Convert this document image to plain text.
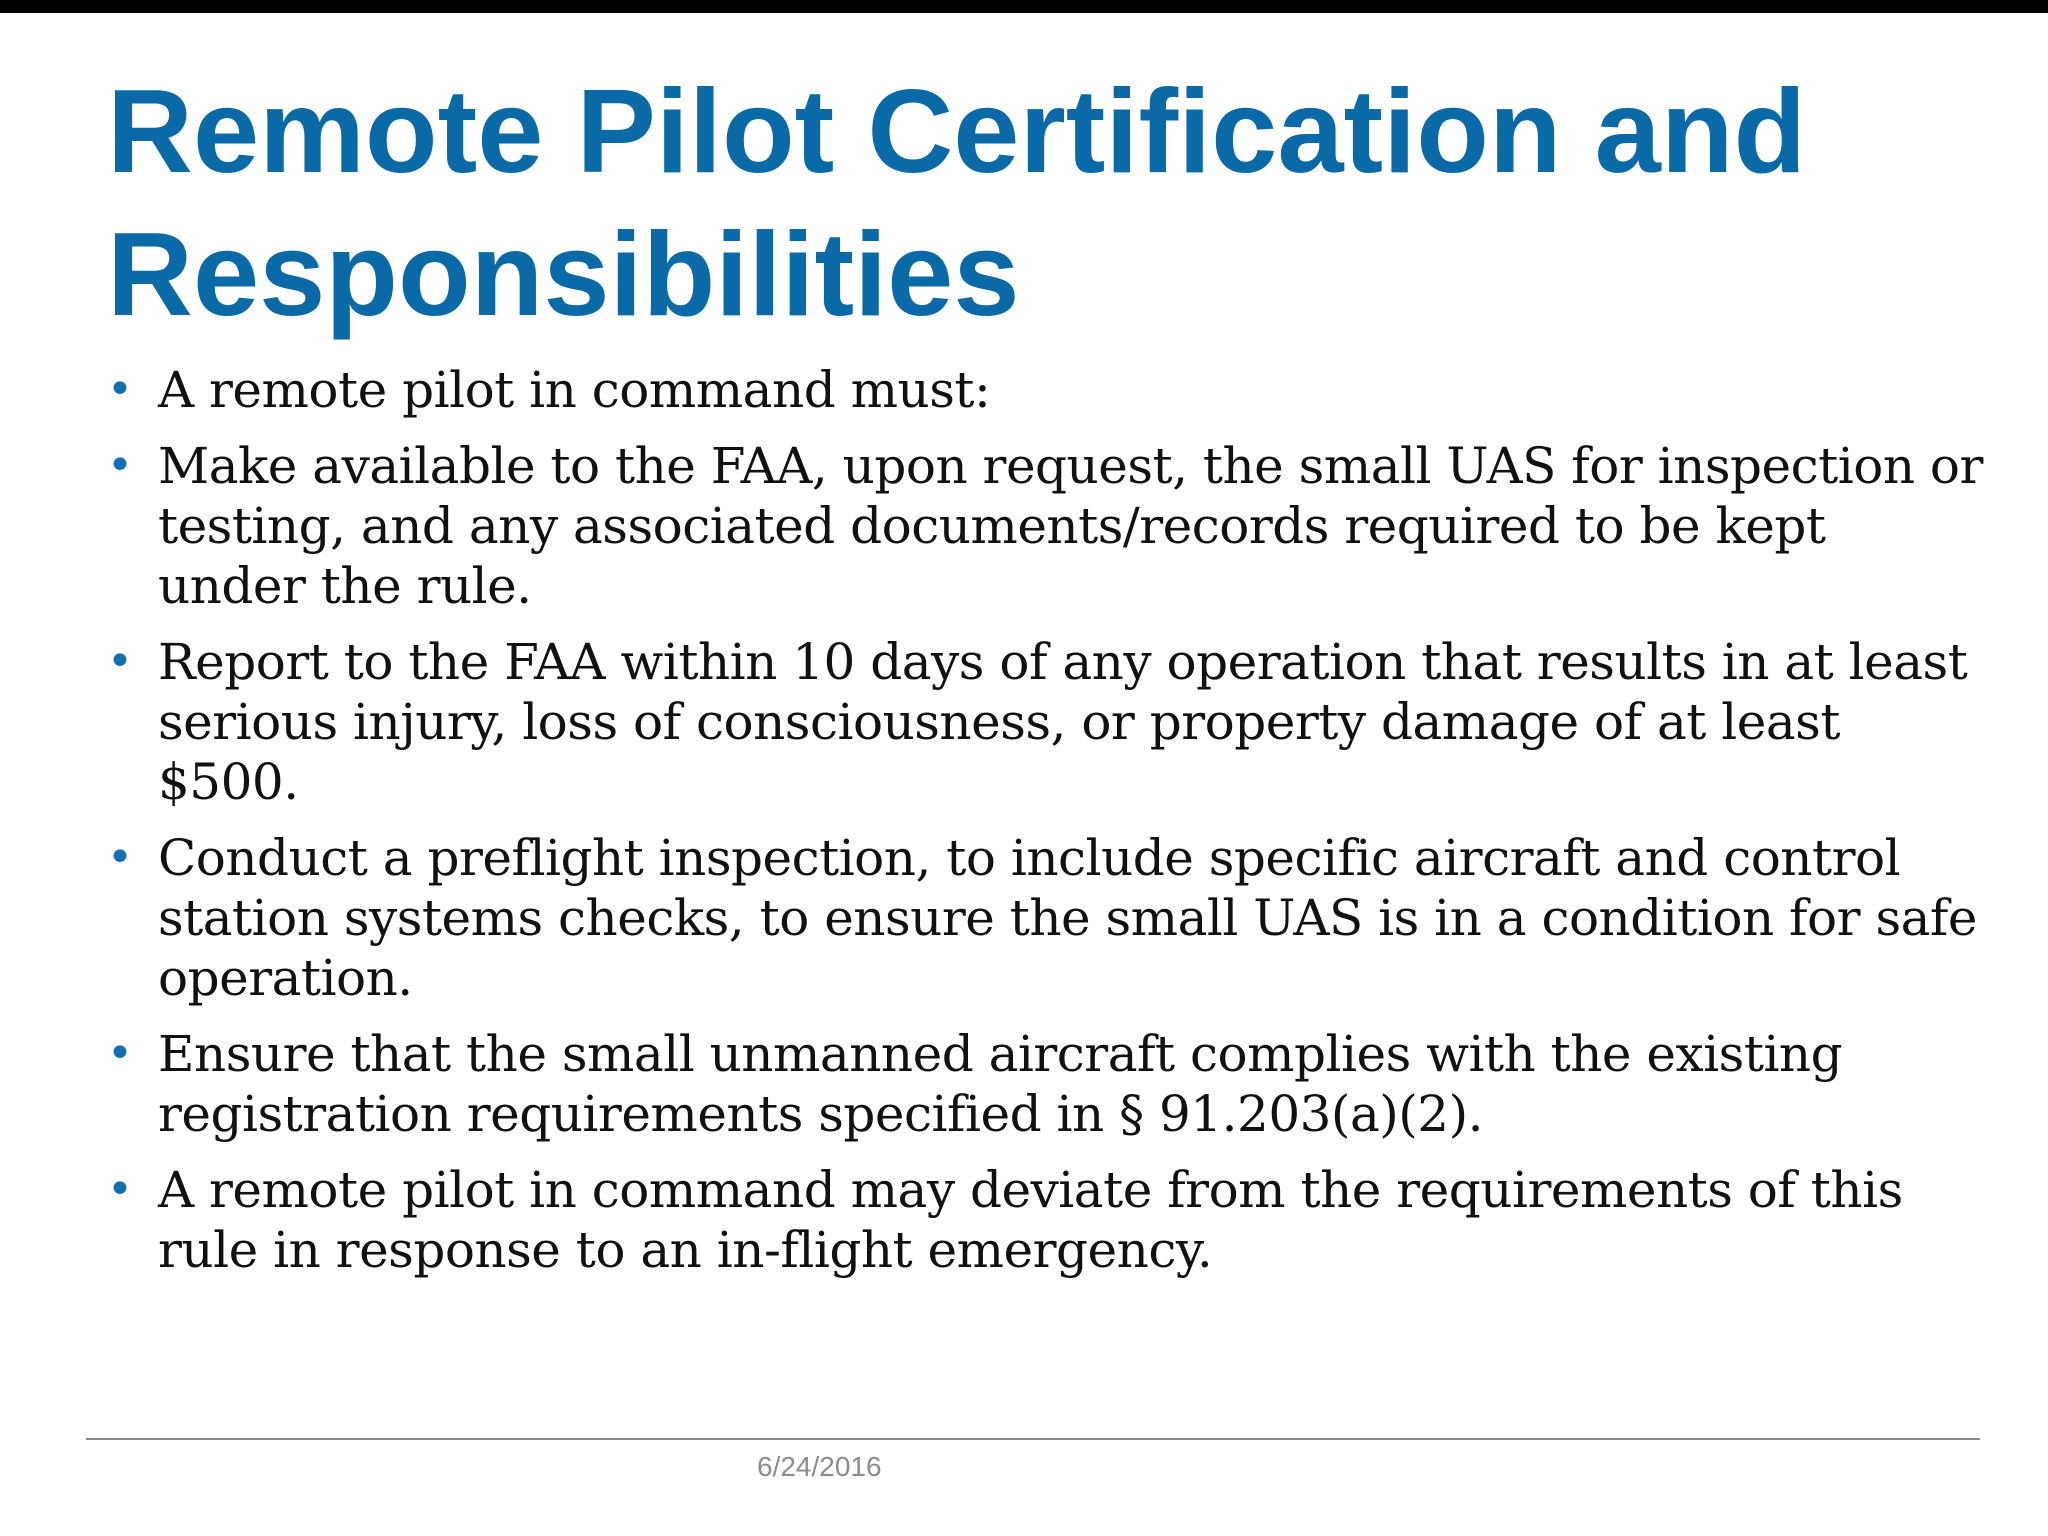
Remote Pilot Certification and Responsibilities
• A remote pilot in command must:
• Make available to the FAA, upon request, the small UAS for inspection or testing, and any associated documents/records required to be kept under the rule.
• Report to the FAA within 10 days of any operation that results in at least serious injury, loss of consciousness, or property damage of at least $500.
• Conduct a preflight inspection, to include specific aircraft and control station systems checks, to ensure the small UAS is in a condition for safe operation.
• Ensure that the small unmanned aircraft complies with the existing registration requirements specified in § 91.203(a)(2).
• A remote pilot in command may deviate from the requirements of this rule in response to an in-flight emergency.
6/24/2016
